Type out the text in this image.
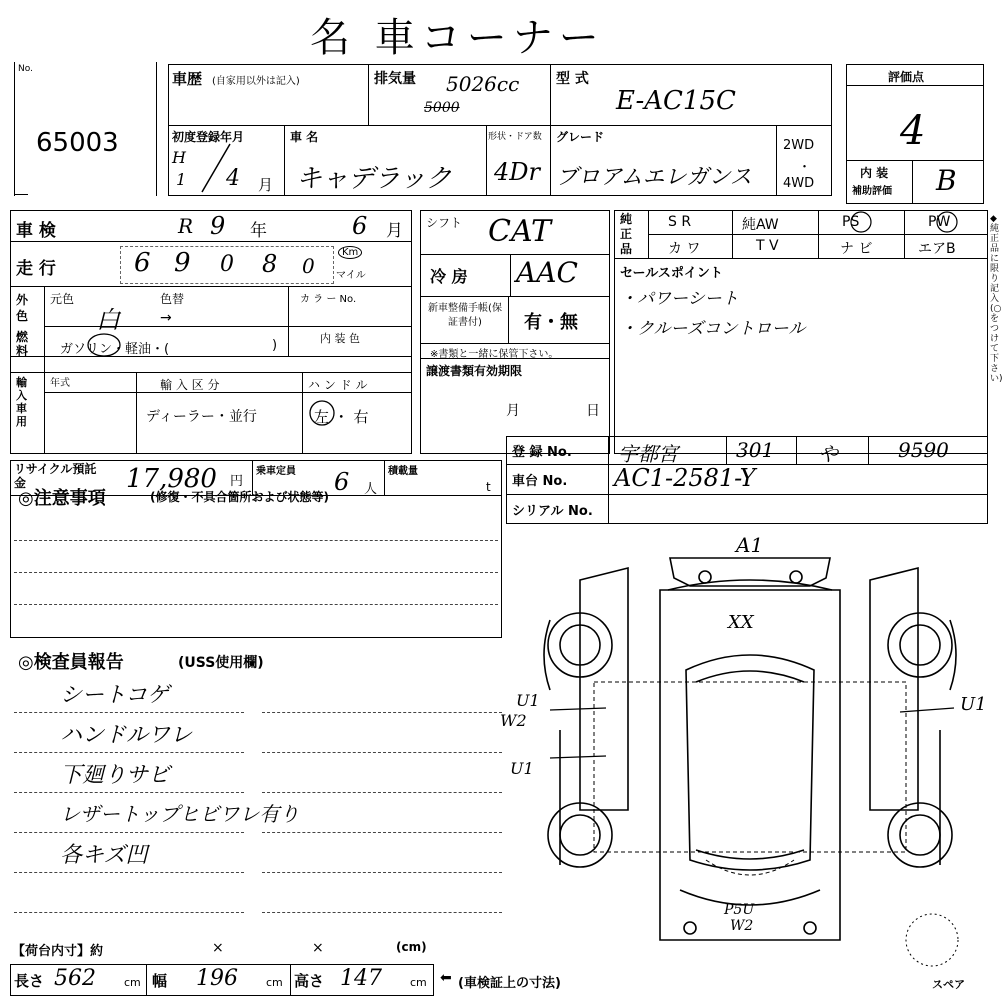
名 車コーナー
No.
65003
車歴 (自家用以外は記入)	排気量 5026cc
5000
型 式
E-AC15C
初度登録年月
H
1 4 月
車 名
キャデラック
形状・ドア数
4Dr
グレード
ブロアムエレガンス
2WD
・
4WD
評価点
4
内 装
補助評価 B
車 検	R 9 年	6 月
走 行	6 9 0 8 0
Km
マイル
外色
元色
白
色替
→
カ ラ ー No.
燃料	ガソリン・軽油・(	)	内 装 色
輸入車用
年式	輸 入 区 分
ディーラー・並行
ハ ン ド ル
左 ・ 右
シフト CAT
冷 房 AAC
新車整備手帳(保証書付)	有・無
※書類と一緒に保管下さい。
譲渡書類有効期限
月	日
純正品
S R	純AW	PS	PW
カ ワ	T V	ナ ビ	エアB
セールスポイント
・パワーシート
・クルーズコントロール
◆純正品に限り記入(○をつけて下さい)
リサイクル預託金	17,980 円
乗車定員 6 人
積載量
t
登 録 No. 宇都宮	301 や	9590
車台 No. AC1-2581-Y
シリアル No.
◎注意事項	(修復・不具合箇所および状態等)
◎検査員報告	(USS使用欄)
シートコゲ
ハンドルワレ
下廻りサビ
レザートップヒビワレ有り
各キズ凹
A1
XX
U1
W2
U1
U1
P5U
W2
【荷台内寸】約	×	×	(cm)
長さ 562	cm 幅 196	cm 高さ 147	cm ⬅ (車検証上の寸法)	スペア
